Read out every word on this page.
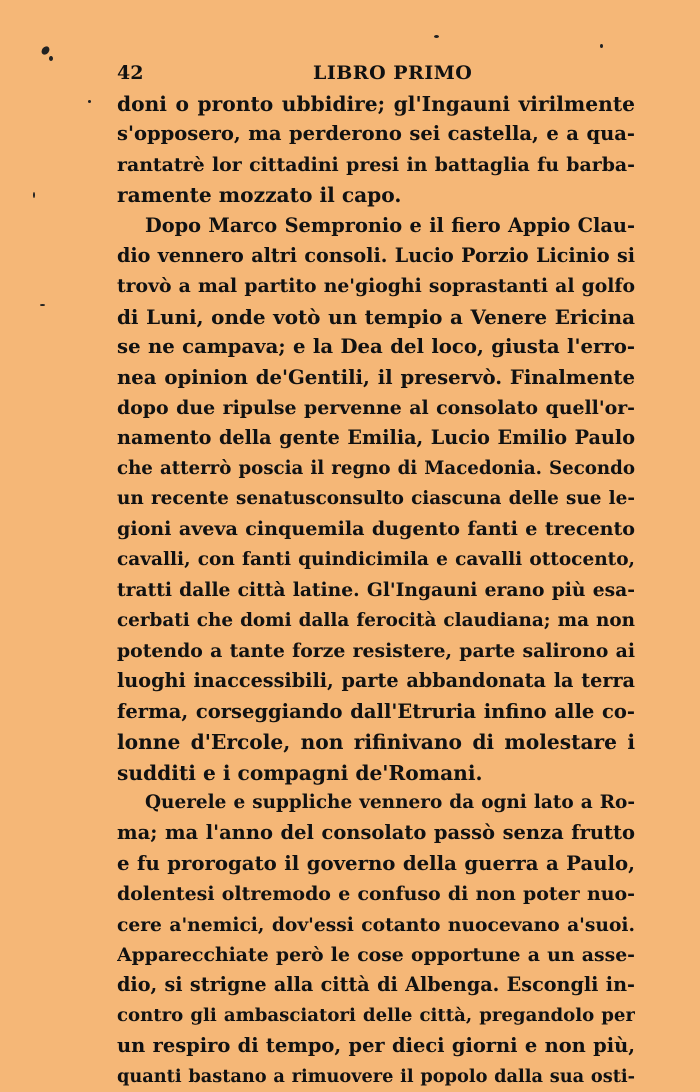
42	LIBRO PRIMO
doni o pronto ubbidire; gl'Ingauni virilmente
s'opposero, ma perderono sei castella, e a qua-
rantatrè lor cittadini presi in battaglia fu barba-
ramente mozzato il capo.
Dopo Marco Sempronio e il fiero Appio Clau-
dio vennero altri consoli. Lucio Porzio Licinio si
trovò a mal partito ne'gioghi soprastanti al golfo
di Luni, onde votò un tempio a Venere Ericina
se ne campava; e la Dea del loco, giusta l'erro-
nea opinion de'Gentili, il preservò. Finalmente
dopo due ripulse pervenne al consolato quell'or-
namento della gente Emilia, Lucio Emilio Paulo
che atterrò poscia il regno di Macedonia. Secondo
un recente senatusconsulto ciascuna delle sue le-
gioni aveva cinquemila dugento fanti e trecento
cavalli, con fanti quindicimila e cavalli ottocento,
tratti dalle città latine. Gl'Ingauni erano più esa-
cerbati che domi dalla ferocità claudiana; ma non
potendo a tante forze resistere, parte salirono ai
luoghi inaccessibili, parte abbandonata la terra
ferma, corseggiando dall'Etruria infino alle co-
lonne d'Ercole, non rifinivano di molestare i
sudditi e i compagni de'Romani.
Querele e suppliche vennero da ogni lato a Ro-
ma; ma l'anno del consolato passò senza frutto
e fu prorogato il governo della guerra a Paulo,
dolentesi oltremodo e confuso di non poter nuo-
cere a'nemici, dov'essi cotanto nuocevano a'suoi.
Apparecchiate però le cose opportune a un asse-
dio, si strigne alla città di Albenga. Escongli in-
contro gli ambasciatori delle città, pregandolo per
un respiro di tempo, per dieci giorni e non più,
quanti bastano a rimuovere il popolo dalla sua osti-
